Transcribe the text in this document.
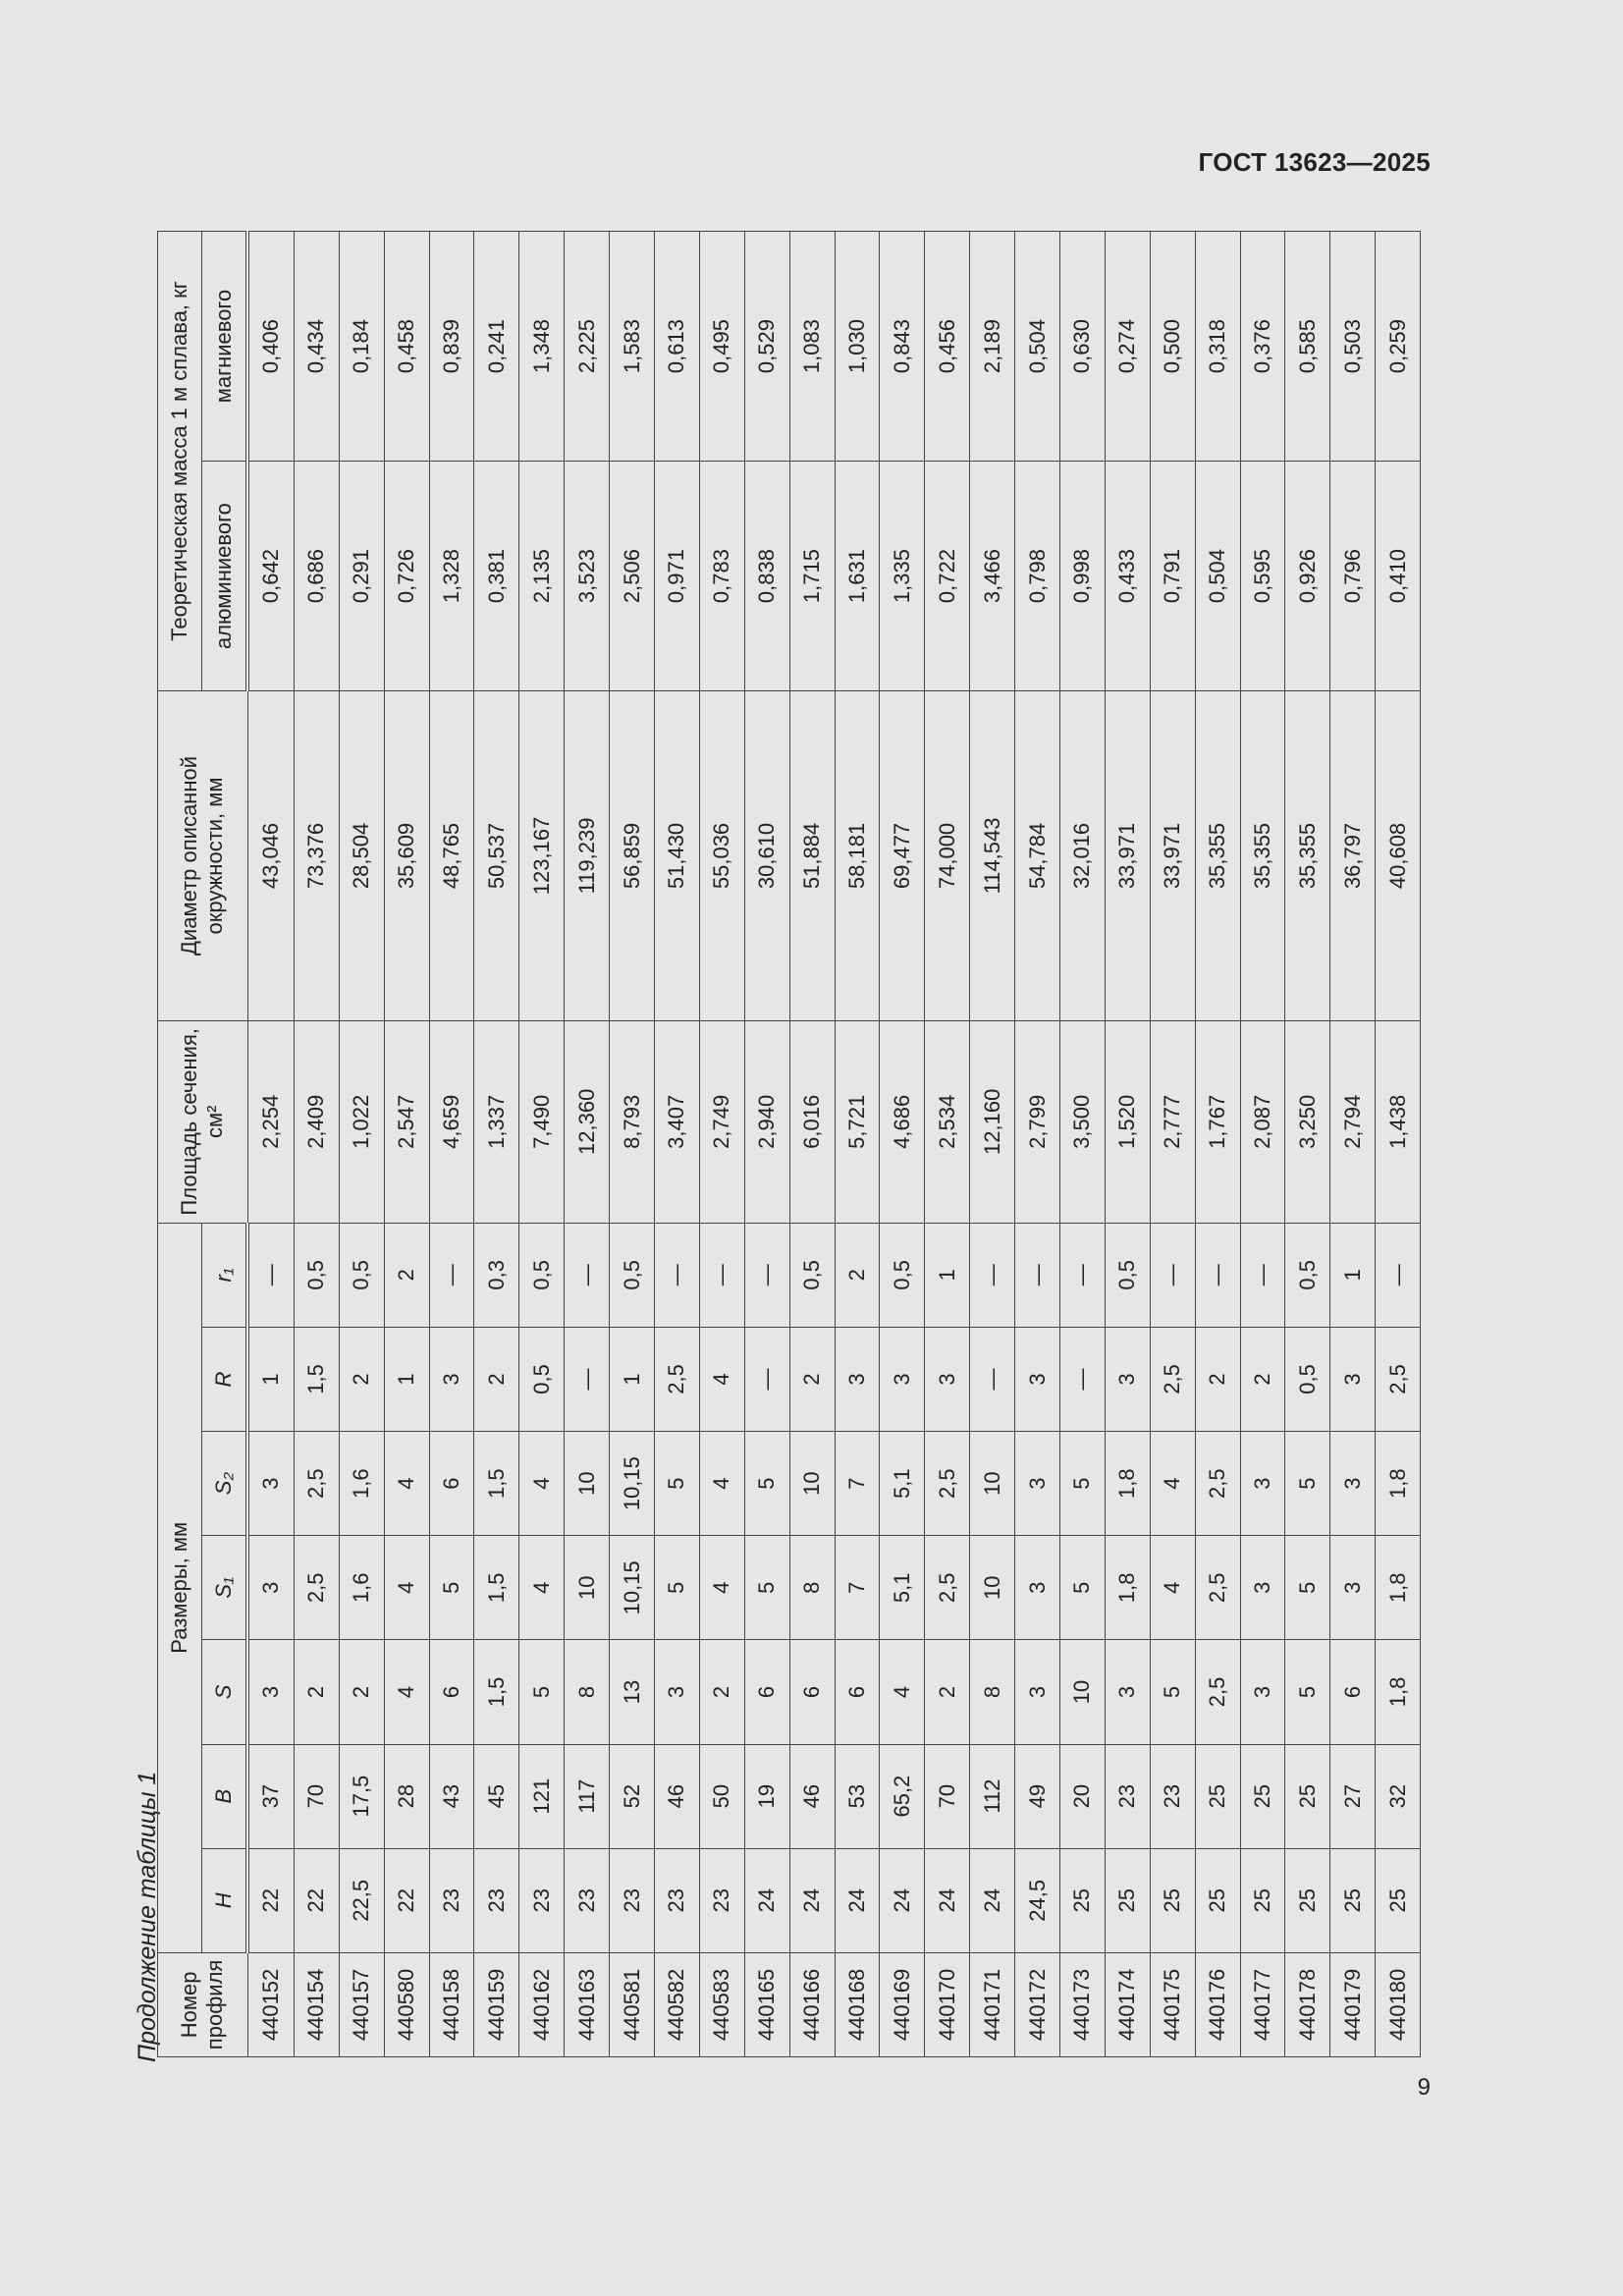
ГОСТ 13623—2025
Продолжение таблицы 1 Номер профиля	Размеры, мм							Площадь сечения, см²	Диаметр описанной окружности, мм	Теоретическая масса 1 м сплава, кг	
	H	B	S	S₁	S₂	R	r₁			алюминиевого	магниевого
440152	22	37	3	3	3	1	—	2,254	43,046	0,642	0,406
440154	22	70	2	2,5	2,5	1,5	0,5	2,409	73,376	0,686	0,434
440157	22,5	17,5	2	1,6	1,6	2	0,5	1,022	28,504	0,291	0,184
440580	22	28	4	4	4	1	2	2,547	35,609	0,726	0,458
440158	23	43	6	5	6	3	—	4,659	48,765	1,328	0,839
440159	23	45	1,5	1,5	1,5	2	0,3	1,337	50,537	0,381	0,241
440162	23	121	5	4	4	0,5	0,5	7,490	123,167	2,135	1,348
440163	23	117	8	10	10	—	—	12,360	119,239	3,523	2,225
440581	23	52	13	10,15	10,15	1	0,5	8,793	56,859	2,506	1,583
440582	23	46	3	5	5	2,5	—	3,407	51,430	0,971	0,613
440583	23	50	2	4	4	4	—	2,749	55,036	0,783	0,495
440165	24	19	6	5	5	—	—	2,940	30,610	0,838	0,529
440166	24	46	6	8	10	2	0,5	6,016	51,884	1,715	1,083
440168	24	53	6	7	7	3	2	5,721	58,181	1,631	1,030
440169	24	65,2	4	5,1	5,1	3	0,5	4,686	69,477	1,335	0,843
440170	24	70	2	2,5	2,5	3	1	2,534	74,000	0,722	0,456
440171	24	112	8	10	10	—	—	12,160	114,543	3,466	2,189
440172	24,5	49	3	3	3	3	—	2,799	54,784	0,798	0,504
440173	25	20	10	5	5	—	—	3,500	32,016	0,998	0,630
440174	25	23	3	1,8	1,8	3	0,5	1,520	33,971	0,433	0,274
440175	25	23	5	4	4	2,5	—	2,777	33,971	0,791	0,500
440176	25	25	2,5	2,5	2,5	2	—	1,767	35,355	0,504	0,318
440177	25	25	3	3	3	2	—	2,087	35,355	0,595	0,376
440178	25	25	5	5	5	0,5	0,5	3,250	35,355	0,926	0,585
440179	25	27	6	3	3	3	1	2,794	36,797	0,796	0,503
440180	25	32	1,8	1,8	1,8	2,5	—	1,438	40,608	0,410	0,259
9
